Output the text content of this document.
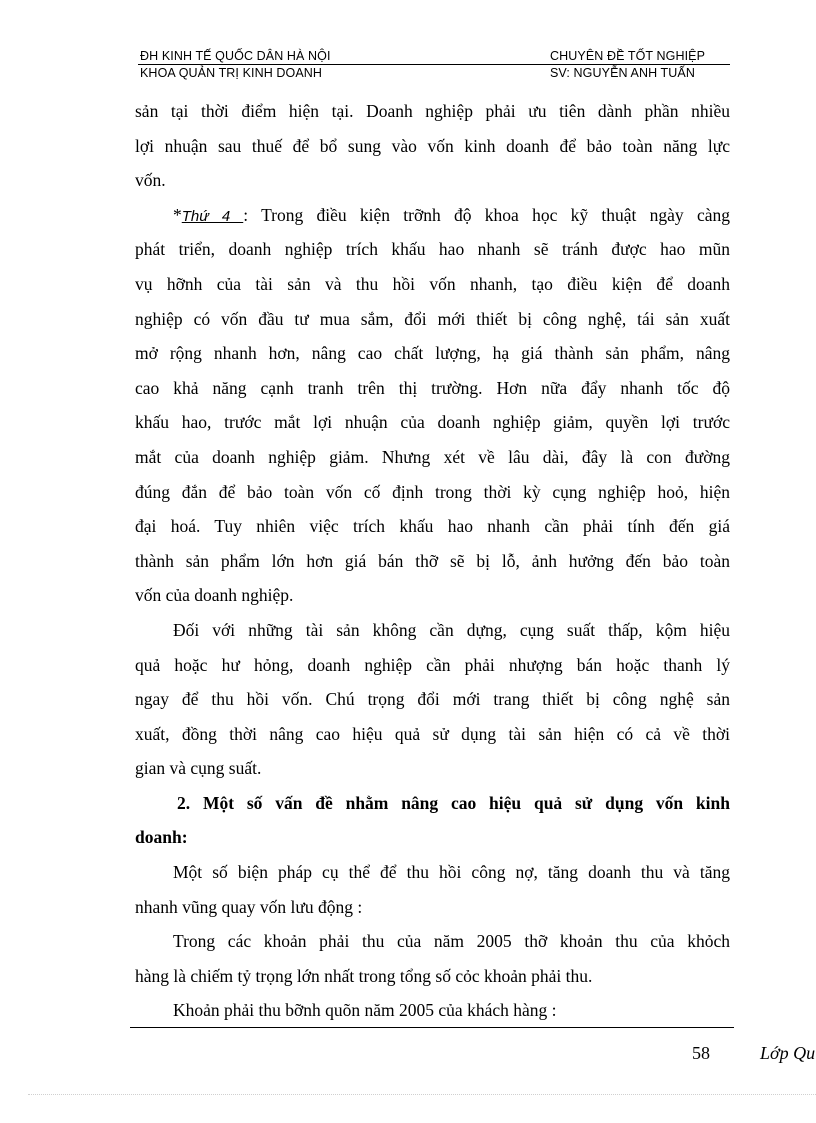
ĐH KINH TẾ QUỐC DÂN HÀ NỘI	CHUYÊN ĐỀ TỐT NGHIỆP
KHOA QUẢN TRỊ KINH DOANH	SV: NGUYỄN ANH TUẤN
sản tại thời điểm hiện tại. Doanh nghiệp phải ưu tiên dành phần nhiều
lợi nhuận sau thuế để bổ sung vào vốn kinh doanh để bảo toàn năng lực
vốn.
*Thứ 4 : Trong điều kiện trỡnh độ khoa học kỹ thuật ngày càng
phát triển, doanh nghiệp trích khấu hao nhanh sẽ tránh được hao mũn
vụ hỡnh của tài sản và thu hồi vốn nhanh, tạo điều kiện để doanh
nghiệp có vốn đầu tư mua sắm, đổi mới thiết bị công nghệ, tái sản xuất
mở rộng nhanh hơn, nâng cao chất lượng, hạ giá thành sản phẩm, nâng
cao khả năng cạnh tranh trên thị trường. Hơn nữa đẩy nhanh tốc độ
khấu hao, trước mắt lợi nhuận của doanh nghiệp giảm, quyền lợi trước
mắt của doanh nghiệp giảm. Nhưng xét về lâu dài, đây là con đường
đúng đắn để bảo toàn vốn cố định trong thời kỳ cụng nghiệp hoỏ, hiện
đại hoá. Tuy nhiên việc trích khấu hao nhanh cần phải tính đến giá
thành sản phẩm lớn hơn giá bán thỡ sẽ bị lỗ, ảnh hưởng đến bảo toàn
vốn của doanh nghiệp.
Đối với những tài sản không cần dựng, cụng suất thấp, kộm hiệu
quả hoặc hư hỏng, doanh nghiệp cần phải nhượng bán hoặc thanh lý
ngay để thu hồi vốn. Chú trọng đổi mới trang thiết bị công nghệ sản
xuất, đồng thời nâng cao hiệu quả sử dụng tài sản hiện có cả về thời
gian và cụng suất.
2. Một số vấn đề nhằm nâng cao hiệu quả sử dụng vốn kinh
doanh:
Một số biện pháp cụ thể để thu hồi công nợ, tăng doanh thu và tăng
nhanh vũng quay vốn lưu động :
Trong các khoản phải thu của năm 2005 thỡ khoản thu của khỏch
hàng là chiếm tỷ trọng lớn nhất trong tổng số cỏc khoản phải thu.
Khoản phải thu bỡnh quõn năm 2005 của khách hàng :
58	Lớp Qu
